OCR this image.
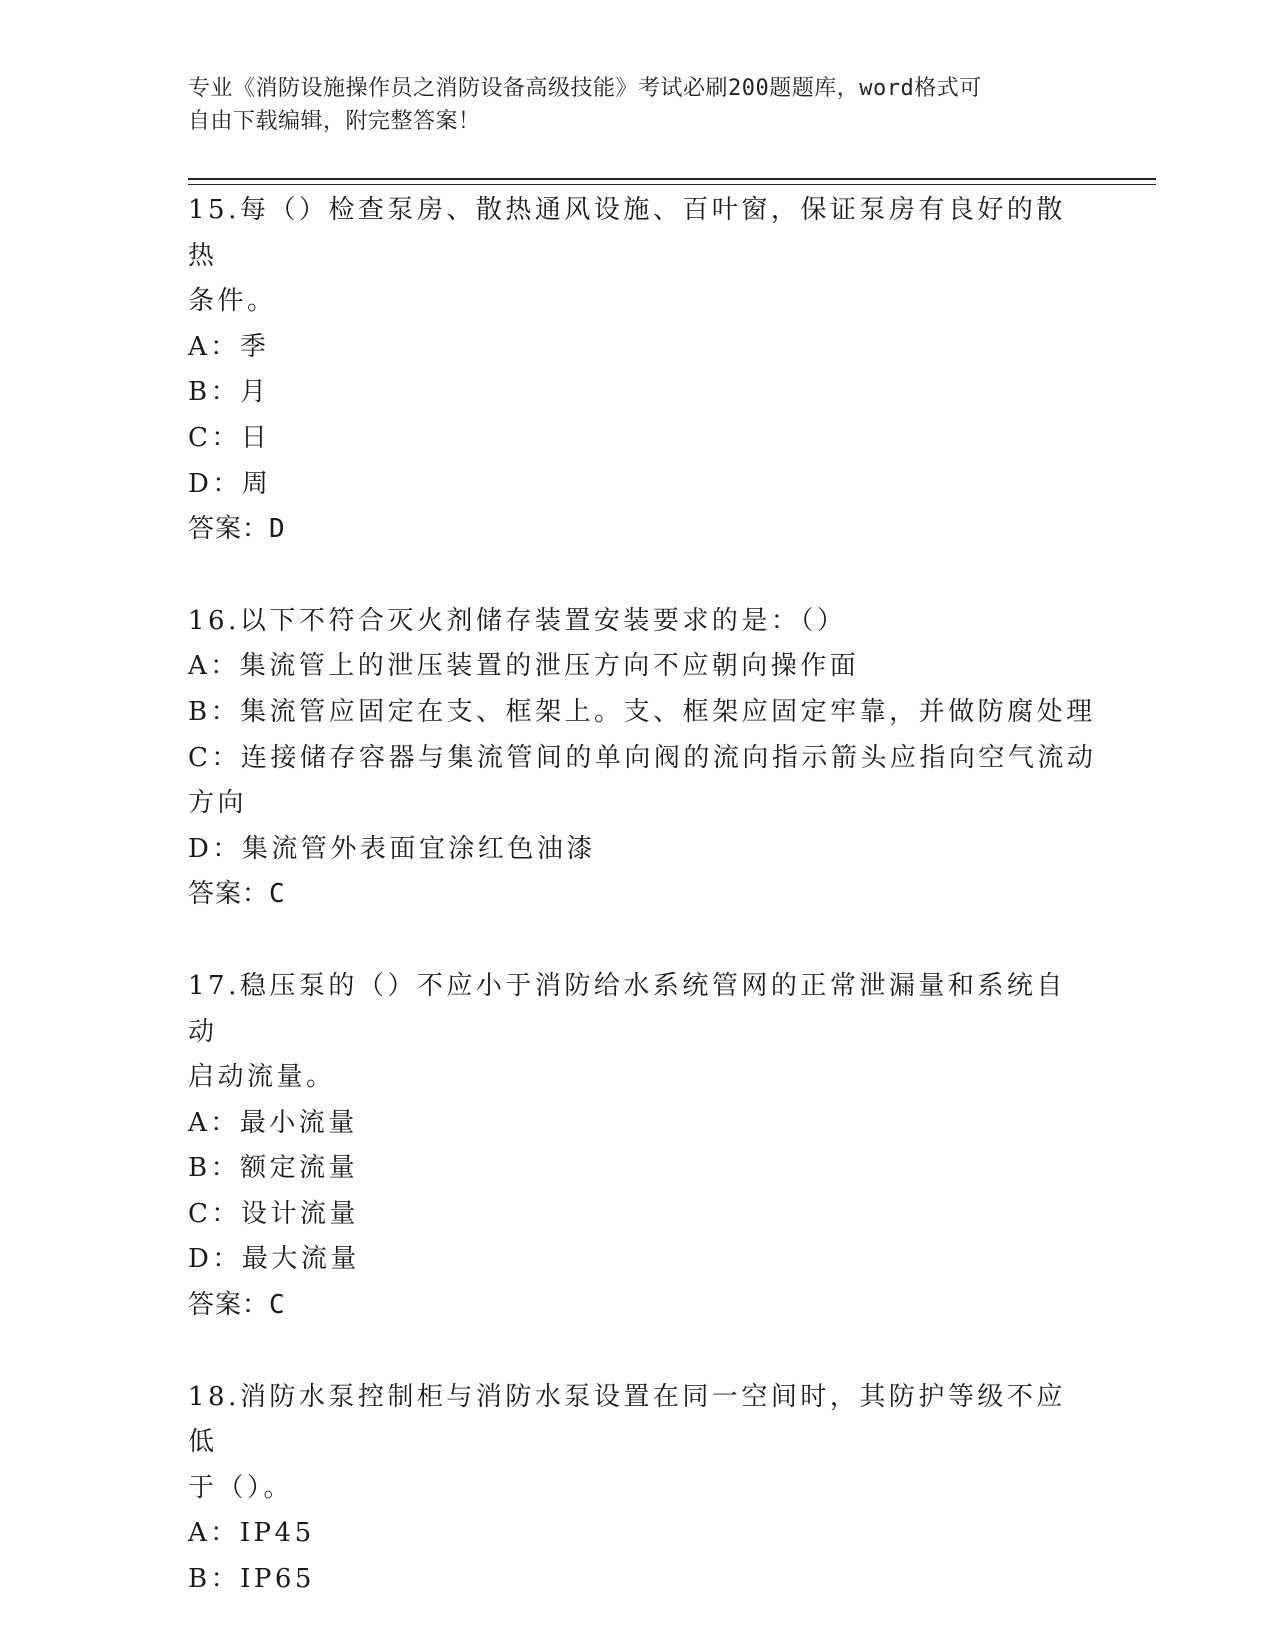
专业《消防设施操作员之消防设备高级技能》考试必刷200题题库，word格式可
自由下载编辑，附完整答案！

15.每（）检查泵房、散热通风设施、百叶窗，保证泵房有良好的散热

条件。

A：季

B：月

C：日

D：周

答案：D

16.以下不符合灭火剂储存装置安装要求的是：（）

A：集流管上的泄压装置的泄压方向不应朝向操作面

B：集流管应固定在支、框架上。支、框架应固定牢靠，并做防腐处理

C：连接储存容器与集流管间的单向阀的流向指示箭头应指向空气流动

方向

D：集流管外表面宜涂红色油漆

答案：C

17.稳压泵的（）不应小于消防给水系统管网的正常泄漏量和系统自动

启动流量。

A：最小流量

B：额定流量

C：设计流量

D：最大流量

答案：C

18.消防水泵控制柜与消防水泵设置在同一空间时，其防护等级不应低

于（）。

A：IP45

B：IP65
